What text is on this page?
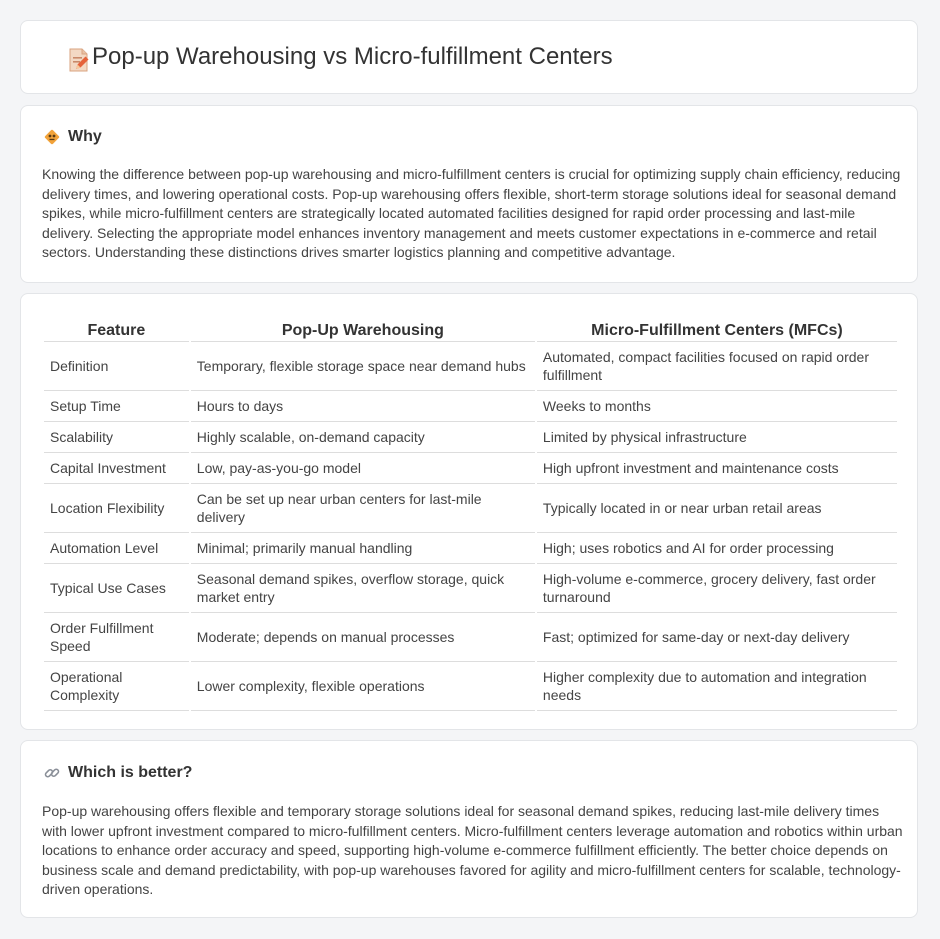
Pop-up Warehousing vs Micro-fulfillment Centers
Why

Knowing the difference between pop-up warehousing and micro-fulfillment centers is crucial for optimizing supply chain efficiency, reducing delivery times, and lowering operational costs. Pop-up warehousing offers flexible, short-term storage solutions ideal for seasonal demand spikes, while micro-fulfillment centers are strategically located automated facilities designed for rapid order processing and last-mile delivery. Selecting the appropriate model enhances inventory management and meets customer expectations in e-commerce and retail sectors. Understanding these distinctions drives smarter logistics planning and competitive advantage.

Feature	Pop-Up Warehousing	Micro-Fulfillment Centers (MFCs)
Definition	Temporary, flexible storage space near demand hubs	Automated, compact facilities focused on rapid order fulfillment
Setup Time	Hours to days	Weeks to months
Scalability	Highly scalable, on-demand capacity	Limited by physical infrastructure
Capital Investment	Low, pay-as-you-go model	High upfront investment and maintenance costs
Location Flexibility	Can be set up near urban centers for last-mile delivery	Typically located in or near urban retail areas
Automation Level	Minimal; primarily manual handling	High; uses robotics and AI for order processing
Typical Use Cases	Seasonal demand spikes, overflow storage, quick market entry	High-volume e-commerce, grocery delivery, fast order turnaround
Order Fulfillment Speed	Moderate; depends on manual processes	Fast; optimized for same-day or next-day delivery
Operational Complexity	Lower complexity, flexible operations	Higher complexity due to automation and integration needs
Which is better?

Pop-up warehousing offers flexible and temporary storage solutions ideal for seasonal demand spikes, reducing last-mile delivery times with lower upfront investment compared to micro-fulfillment centers. Micro-fulfillment centers leverage automation and robotics within urban locations to enhance order accuracy and speed, supporting high-volume e-commerce fulfillment efficiently. The better choice depends on business scale and demand predictability, with pop-up warehouses favored for agility and micro-fulfillment centers for scalable, technology-driven operations.
